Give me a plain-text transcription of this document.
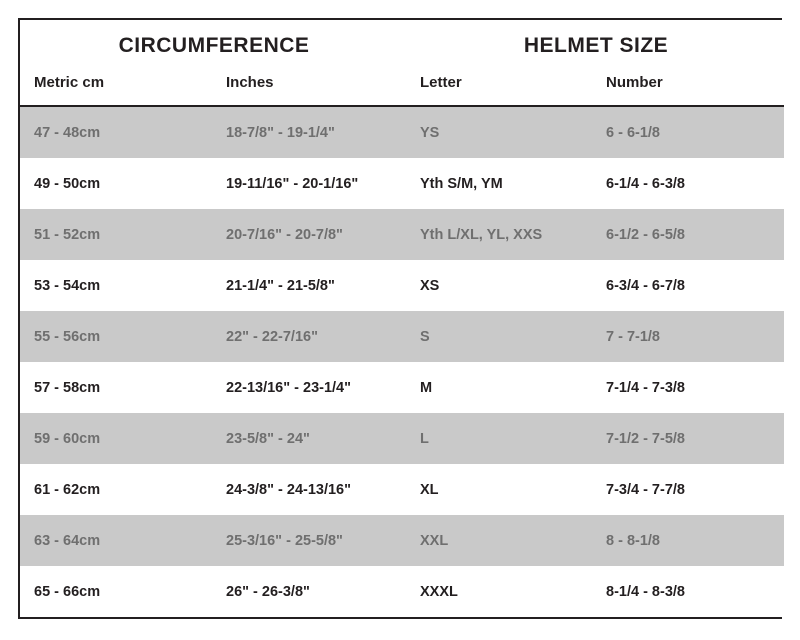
CIRCUMFERENCE		HELMET SIZE	
Metric cm	Inches	Letter	Number
47 - 48cm	18-7/8" - 19-1/4"	YS	6 - 6-1/8
49 - 50cm	19-11/16" - 20-1/16"	Yth S/M, YM	6-1/4 - 6-3/8
51 - 52cm	20-7/16" - 20-7/8"	Yth L/XL, YL, XXS	6-1/2 - 6-5/8
53 - 54cm	21-1/4" - 21-5/8"	XS	6-3/4 - 6-7/8
55 - 56cm	22" - 22-7/16"	S	7 - 7-1/8
57 - 58cm	22-13/16" - 23-1/4"	M	7-1/4 - 7-3/8
59 - 60cm	23-5/8" - 24"	L	7-1/2 - 7-5/8
61 - 62cm	24-3/8" - 24-13/16"	XL	7-3/4 - 7-7/8
63 - 64cm	25-3/16" - 25-5/8"	XXL	8 - 8-1/8
65 - 66cm	26" - 26-3/8"	XXXL	8-1/4 - 8-3/8
